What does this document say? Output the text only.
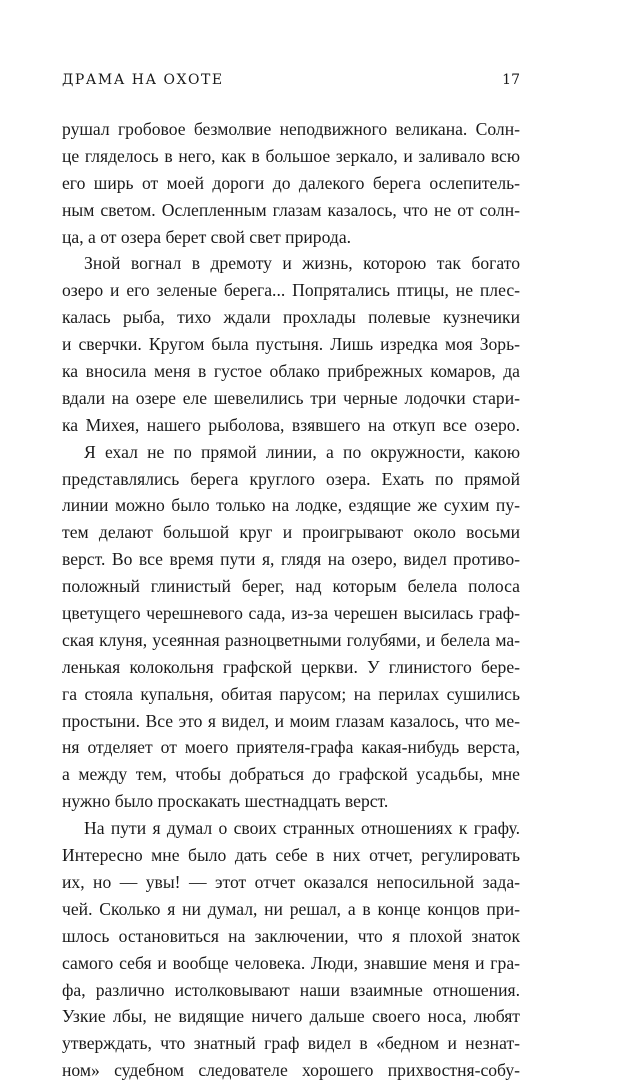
ДРАМА НА ОХОТЕ	17
рушал гробовое безмолвие неподвижного великана. Солн-
це гляделось в него, как в большое зеркало, и заливало всю
его ширь от моей дороги до далекого берега ослепитель-
ным светом. Ослепленным глазам казалось, что не от солн-
ца, а от озера берет свой свет природа.
Зной вогнал в дремоту и жизнь, которою так богато
озеро и его зеленые берега... Попрятались птицы, не плес-
калась рыба, тихо ждали прохлады полевые кузнечики
и сверчки. Кругом была пустыня. Лишь изредка моя Зорь-
ка вносила меня в густое облако прибрежных комаров, да
вдали на озере еле шевелились три черные лодочки стари-
ка Михея, нашего рыболова, взявшего на откуп все озеро.
Я ехал не по прямой линии, а по окружности, какою
представлялись берега круглого озера. Ехать по прямой
линии можно было только на лодке, ездящие же сухим пу-
тем делают большой круг и проигрывают около восьми
верст. Во все время пути я, глядя на озеро, видел противо-
положный глинистый берег, над которым белела полоса
цветущего черешневого сада, из-за черешен высилась граф-
ская клуня, усеянная разноцветными голубями, и белела ма-
ленькая колокольня графской церкви. У глинистого бере-
га стояла купальня, обитая парусом; на перилах сушились
простыни. Все это я видел, и моим глазам казалось, что ме-
ня отделяет от моего приятеля-графа какая-нибудь верста,
а между тем, чтобы добраться до графской усадьбы, мне
нужно было проскакать шестнадцать верст.
На пути я думал о своих странных отношениях к графу.
Интересно мне было дать себе в них отчет, регулировать
их, но — увы! — этот отчет оказался непосильной зада-
чей. Сколько я ни думал, ни решал, а в конце концов при-
шлось остановиться на заключении, что я плохой знаток
самого себя и вообще человека. Люди, знавшие меня и гра-
фа, различно истолковывают наши взаимные отношения.
Узкие лбы, не видящие ничего дальше своего носа, любят
утверждать, что знатный граф видел в «бедном и незнат-
ном» судебном следователе хорошего прихвостня-собу-
